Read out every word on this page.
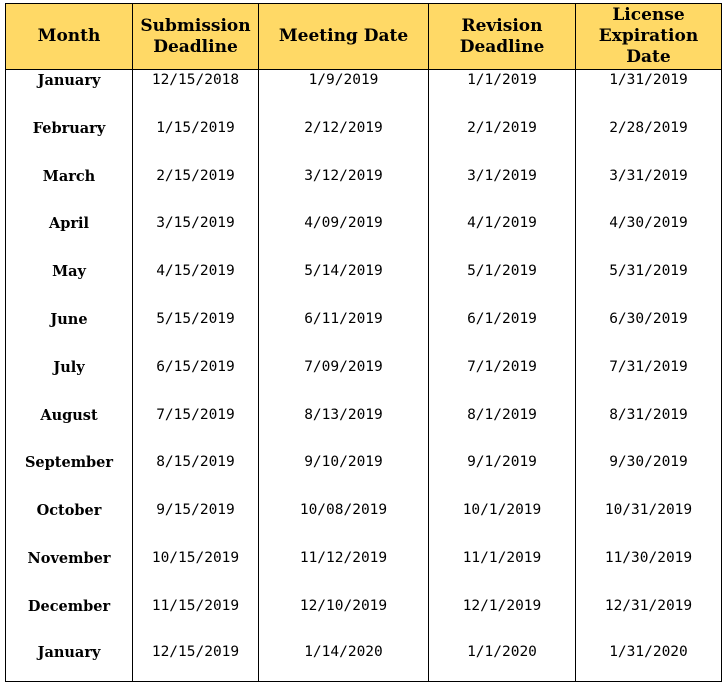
Month	Submission Deadline	Meeting Date	Revision Deadline	License Expiration Date
January	12/15/2018	1/9/2019	1/1/2019	1/31/2019
February	1/15/2019	2/12/2019	2/1/2019	2/28/2019
March	2/15/2019	3/12/2019	3/1/2019	3/31/2019
April	3/15/2019	4/09/2019	4/1/2019	4/30/2019
May	4/15/2019	5/14/2019	5/1/2019	5/31/2019
June	5/15/2019	6/11/2019	6/1/2019	6/30/2019
July	6/15/2019	7/09/2019	7/1/2019	7/31/2019
August	7/15/2019	8/13/2019	8/1/2019	8/31/2019
September	8/15/2019	9/10/2019	9/1/2019	9/30/2019
October	9/15/2019	10/08/2019	10/1/2019	10/31/2019
November	10/15/2019	11/12/2019	11/1/2019	11/30/2019
December	11/15/2019	12/10/2019	12/1/2019	12/31/2019
January	12/15/2019	1/14/2020	1/1/2020	1/31/2020
